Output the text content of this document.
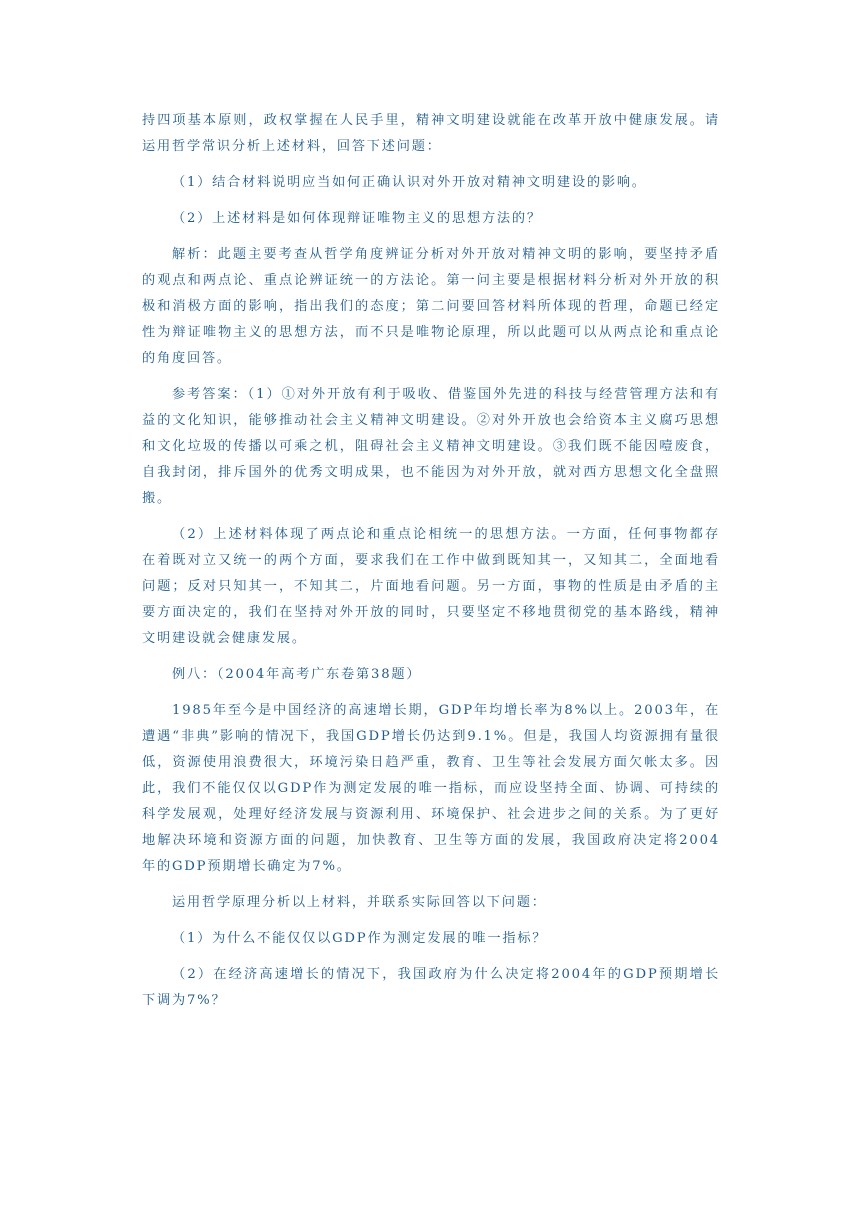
持四项基本原则，政权掌握在人民手里，精神文明建设就能在改革开放中健康发展。请运用哲学常识分析上述材料，回答下述问题：

（1）结合材料说明应当如何正确认识对外开放对精神文明建设的影响。

（2）上述材料是如何体现辩证唯物主义的思想方法的？

解析：此题主要考查从哲学角度辨证分析对外开放对精神文明的影响，要坚持矛盾的观点和两点论、重点论辨证统一的方法论。第一问主要是根据材料分析对外开放的积极和消极方面的影响，指出我们的态度；第二问要回答材料所体现的哲理，命题已经定性为辩证唯物主义的思想方法，而不只是唯物论原理，所以此题可以从两点论和重点论的角度回答。

参考答案：（1）①对外开放有利于吸收、借鉴国外先进的科技与经营管理方法和有益的文化知识，能够推动社会主义精神文明建设。②对外开放也会给资本主义腐巧思想和文化垃圾的传播以可乘之机，阻碍社会主义精神文明建设。③我们既不能因噎废食，自我封闭，排斥国外的优秀文明成果，也不能因为对外开放，就对西方思想文化全盘照搬。

（2）上述材料体现了两点论和重点论相统一的思想方法。一方面，任何事物都存在着既对立又统一的两个方面，要求我们在工作中做到既知其一，又知其二，全面地看问题；反对只知其一，不知其二，片面地看问题。另一方面，事物的性质是由矛盾的主要方面决定的，我们在坚持对外开放的同时，只要坚定不移地贯彻党的基本路线，精神文明建设就会健康发展。

例八：（2004年高考广东卷第38题）

1985年至今是中国经济的高速增长期，GDP年均增长率为8%以上。2003年，在遭遇“非典”影响的情况下，我国GDP增长仍达到9.1%。但是，我国人均资源拥有量很低，资源使用浪费很大，环境污染日趋严重，教育、卫生等社会发展方面欠帐太多。因此，我们不能仅仅以GDP作为测定发展的唯一指标，而应设坚持全面、协调、可持续的科学发展观，处理好经济发展与资源利用、环境保护、社会进步之间的关系。为了更好地解决环境和资源方面的问题，加快教育、卫生等方面的发展，我国政府决定将2004年的GDP预期增长确定为7%。

运用哲学原理分析以上材料，并联系实际回答以下问题：

（1）为什么不能仅仅以GDP作为测定发展的唯一指标？

（2）在经济高速增长的情况下，我国政府为什么决定将2004年的GDP预期增长下调为7%？
